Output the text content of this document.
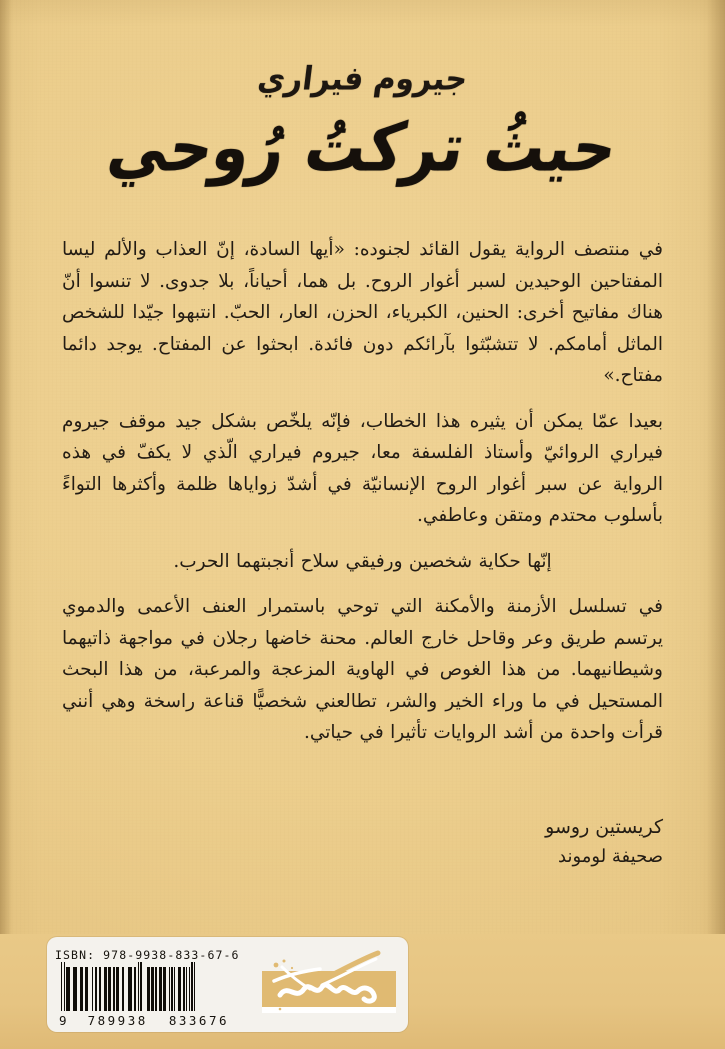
جيروم فيراري
حيثُ تركتُ رُوحي

في منتصف الرواية يقول القائد لجنوده: «أيها السادة، إنّ العذاب والألم ليسا المفتاحين الوحيدين لسبر أغوار الروح. بل هما، أحياناً، بلا جدوى. لا تنسوا أنّ هناك مفاتيح أخرى: الحنين، الكبرياء، الحزن، العار، الحبّ. انتبهوا جيّدا للشخص الماثل أمامكم. لا تتشبّثوا بآرائكم دون فائدة. ابحثوا عن المفتاح. يوجد دائما مفتاح.»

بعيدا عمّا يمكن أن يثيره هذا الخطاب، فإنّه يلخّص بشكل جيد موقف جيروم فيراري الروائيّ وأستاذ الفلسفة معا، جيروم فيراري الّذي لا يكفّ في هذه الرواية عن سبر أغوار الروح الإنسانيّة في أشدّ زواياها ظلمة وأكثرها التواءً بأسلوب محتدم ومتقن وعاطفي.

إنّها حكاية شخصين ورفيقي سلاح أنجبتهما الحرب.

في تسلسل الأزمنة والأمكنة التي توحي باستمرار العنف الأعمى والدموي يرتسم طريق وعر وقاحل خارج العالم. محنة خاضها رجلان في مواجهة ذاتيهما وشيطانيهما. من هذا الغوص في الهاوية المزعجة والمرعبة، من هذا البحث المستحيل في ما وراء الخير والشر، تطالعني شخصيًّا قناعة راسخة وهي أنني قرأت واحدة من أشد الروايات تأثيرا في حياتي.

كريستين روسو
صحيفة لوموند
ISBN: 978-9938-833-67-6
9 789938 833676
